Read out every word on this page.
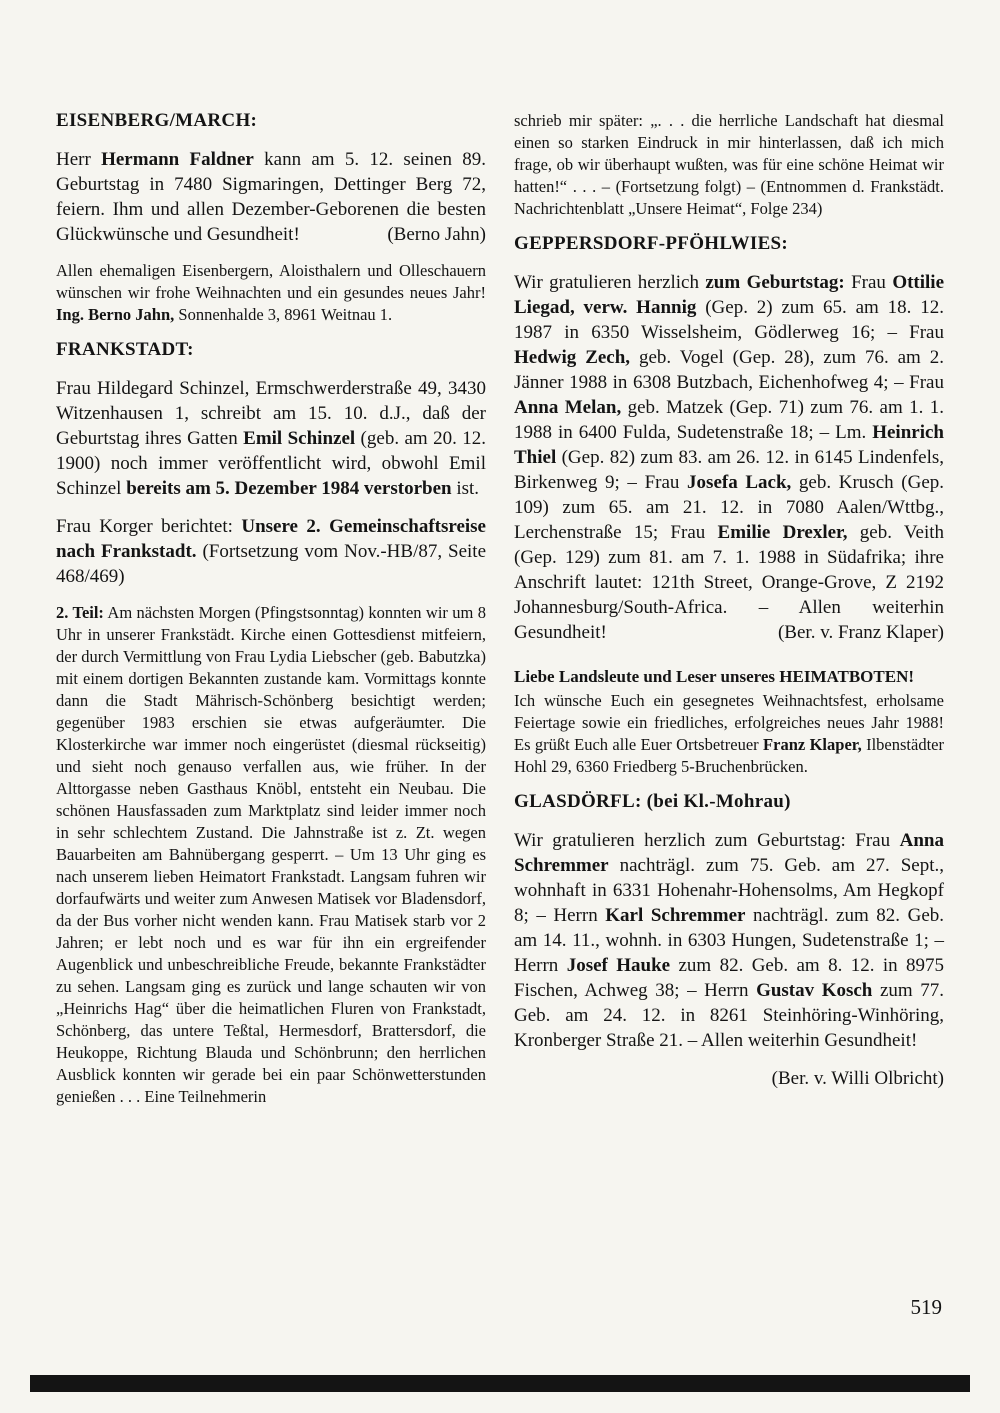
EISENBERG/MARCH:

Herr Hermann Faldner kann am 5. 12. seinen 89. Geburtstag in 7480 Sigmaringen, Dettinger Berg 72, feiern. Ihm und allen Dezember-Geborenen die besten Glückwünsche und Gesundheit!	(Berno Jahn)

Allen ehemaligen Eisenbergern, Aloisthalern und Olleschauern wünschen wir frohe Weihnachten und ein gesundes neues Jahr! Ing. Berno Jahn, Sonnenhalde 3, 8961 Weitnau 1.

FRANKSTADT:

Frau Hildegard Schinzel, Ermschwerderstraße 49, 3430 Witzenhausen 1, schreibt am 15. 10. d.J., daß der Geburtstag ihres Gatten Emil Schinzel (geb. am 20. 12. 1900) noch immer veröffentlicht wird, obwohl Emil Schinzel bereits am 5. Dezember 1984 verstorben ist.

Frau Korger berichtet: Unsere 2. Gemeinschaftsreise nach Frankstadt. (Fortsetzung vom Nov.-HB/87, Seite 468/469)

2. Teil: Am nächsten Morgen (Pfingstsonntag) konnten wir um 8 Uhr in unserer Frankstädt. Kirche einen Gottesdienst mitfeiern, der durch Vermittlung von Frau Lydia Liebscher (geb. Babutzka) mit einem dortigen Bekannten zustande kam. Vormittags konnte dann die Stadt Mährisch-Schönberg besichtigt werden; gegenüber 1983 erschien sie etwas aufgeräumter. Die Klosterkirche war immer noch eingerüstet (diesmal rückseitig) und sieht noch genauso verfallen aus, wie früher. In der Alttorgasse neben Gasthaus Knöbl, entsteht ein Neubau. Die schönen Hausfassaden zum Marktplatz sind leider immer noch in sehr schlechtem Zustand. Die Jahnstraße ist z. Zt. wegen Bauarbeiten am Bahnübergang gesperrt. – Um 13 Uhr ging es nach unserem lieben Heimatort Frankstadt. Langsam fuhren wir dorfaufwärts und weiter zum Anwesen Matisek vor Bladensdorf, da der Bus vorher nicht wenden kann. Frau Matisek starb vor 2 Jahren; er lebt noch und es war für ihn ein ergreifender Augenblick und unbeschreibliche Freude, bekannte Frankstädter zu sehen. Langsam ging es zurück und lange schauten wir von „Heinrichs Hag“ über die heimatlichen Fluren von Frankstadt, Schönberg, das untere Teßtal, Hermesdorf, Brattersdorf, die Heukoppe, Richtung Blauda und Schönbrunn; den herrlichen Ausblick konnten wir gerade bei ein paar Schönwetterstunden genießen . . . Eine Teilnehmerin

schrieb mir später: „. . . die herrliche Landschaft hat diesmal einen so starken Eindruck in mir hinterlassen, daß ich mich frage, ob wir überhaupt wußten, was für eine schöne Heimat wir hatten!“ . . . – (Fortsetzung folgt) – (Entnommen d. Frankstädt. Nachrichtenblatt „Unsere Heimat“, Folge 234)

GEPPERSDORF-PFÖHLWIES:

Wir gratulieren herzlich zum Geburtstag: Frau Ottilie Liegad, verw. Hannig (Gep. 2) zum 65. am 18. 12. 1987 in 6350 Wisselsheim, Gödlerweg 16; – Frau Hedwig Zech, geb. Vogel (Gep. 28), zum 76. am 2. Jänner 1988 in 6308 Butzbach, Eichenhofweg 4; – Frau Anna Melan, geb. Matzek (Gep. 71) zum 76. am 1. 1. 1988 in 6400 Fulda, Sudetenstraße 18; – Lm. Heinrich Thiel (Gep. 82) zum 83. am 26. 12. in 6145 Lindenfels, Birkenweg 9; – Frau Josefa Lack, geb. Krusch (Gep. 109) zum 65. am 21. 12. in 7080 Aalen/Wttbg., Lerchenstraße 15; Frau Emilie Drexler, geb. Veith (Gep. 129) zum 81. am 7. 1. 1988 in Südafrika; ihre Anschrift lautet: 121th Street, Orange-Grove, Z 2192 Johannesburg/South-Africa. – Allen weiterhin Gesundheit!	(Ber. v. Franz Klaper)

Liebe Landsleute und Leser unseres HEIMATBOTEN!

Ich wünsche Euch ein gesegnetes Weihnachtsfest, erholsame Feiertage sowie ein friedliches, erfolgreiches neues Jahr 1988! Es grüßt Euch alle Euer Ortsbetreuer Franz Klaper, Ilbenstädter Hohl 29, 6360 Friedberg 5-Bruchenbrücken.

GLASDÖRFL: (bei Kl.-Mohrau)

Wir gratulieren herzlich zum Geburtstag: Frau Anna Schremmer nachträgl. zum 75. Geb. am 27. Sept., wohnhaft in 6331 Hohenahr-Hohensolms, Am Hegkopf 8; – Herrn Karl Schremmer nachträgl. zum 82. Geb. am 14. 11., wohnh. in 6303 Hungen, Sudetenstraße 1; – Herrn Josef Hauke zum 82. Geb. am 8. 12. in 8975 Fischen, Achweg 38; – Herrn Gustav Kosch zum 77. Geb. am 24. 12. in 8261 Steinhöring-Winhöring, Kronberger Straße 21. – Allen weiterhin Gesundheit!

(Ber. v. Willi Olbricht)

519
